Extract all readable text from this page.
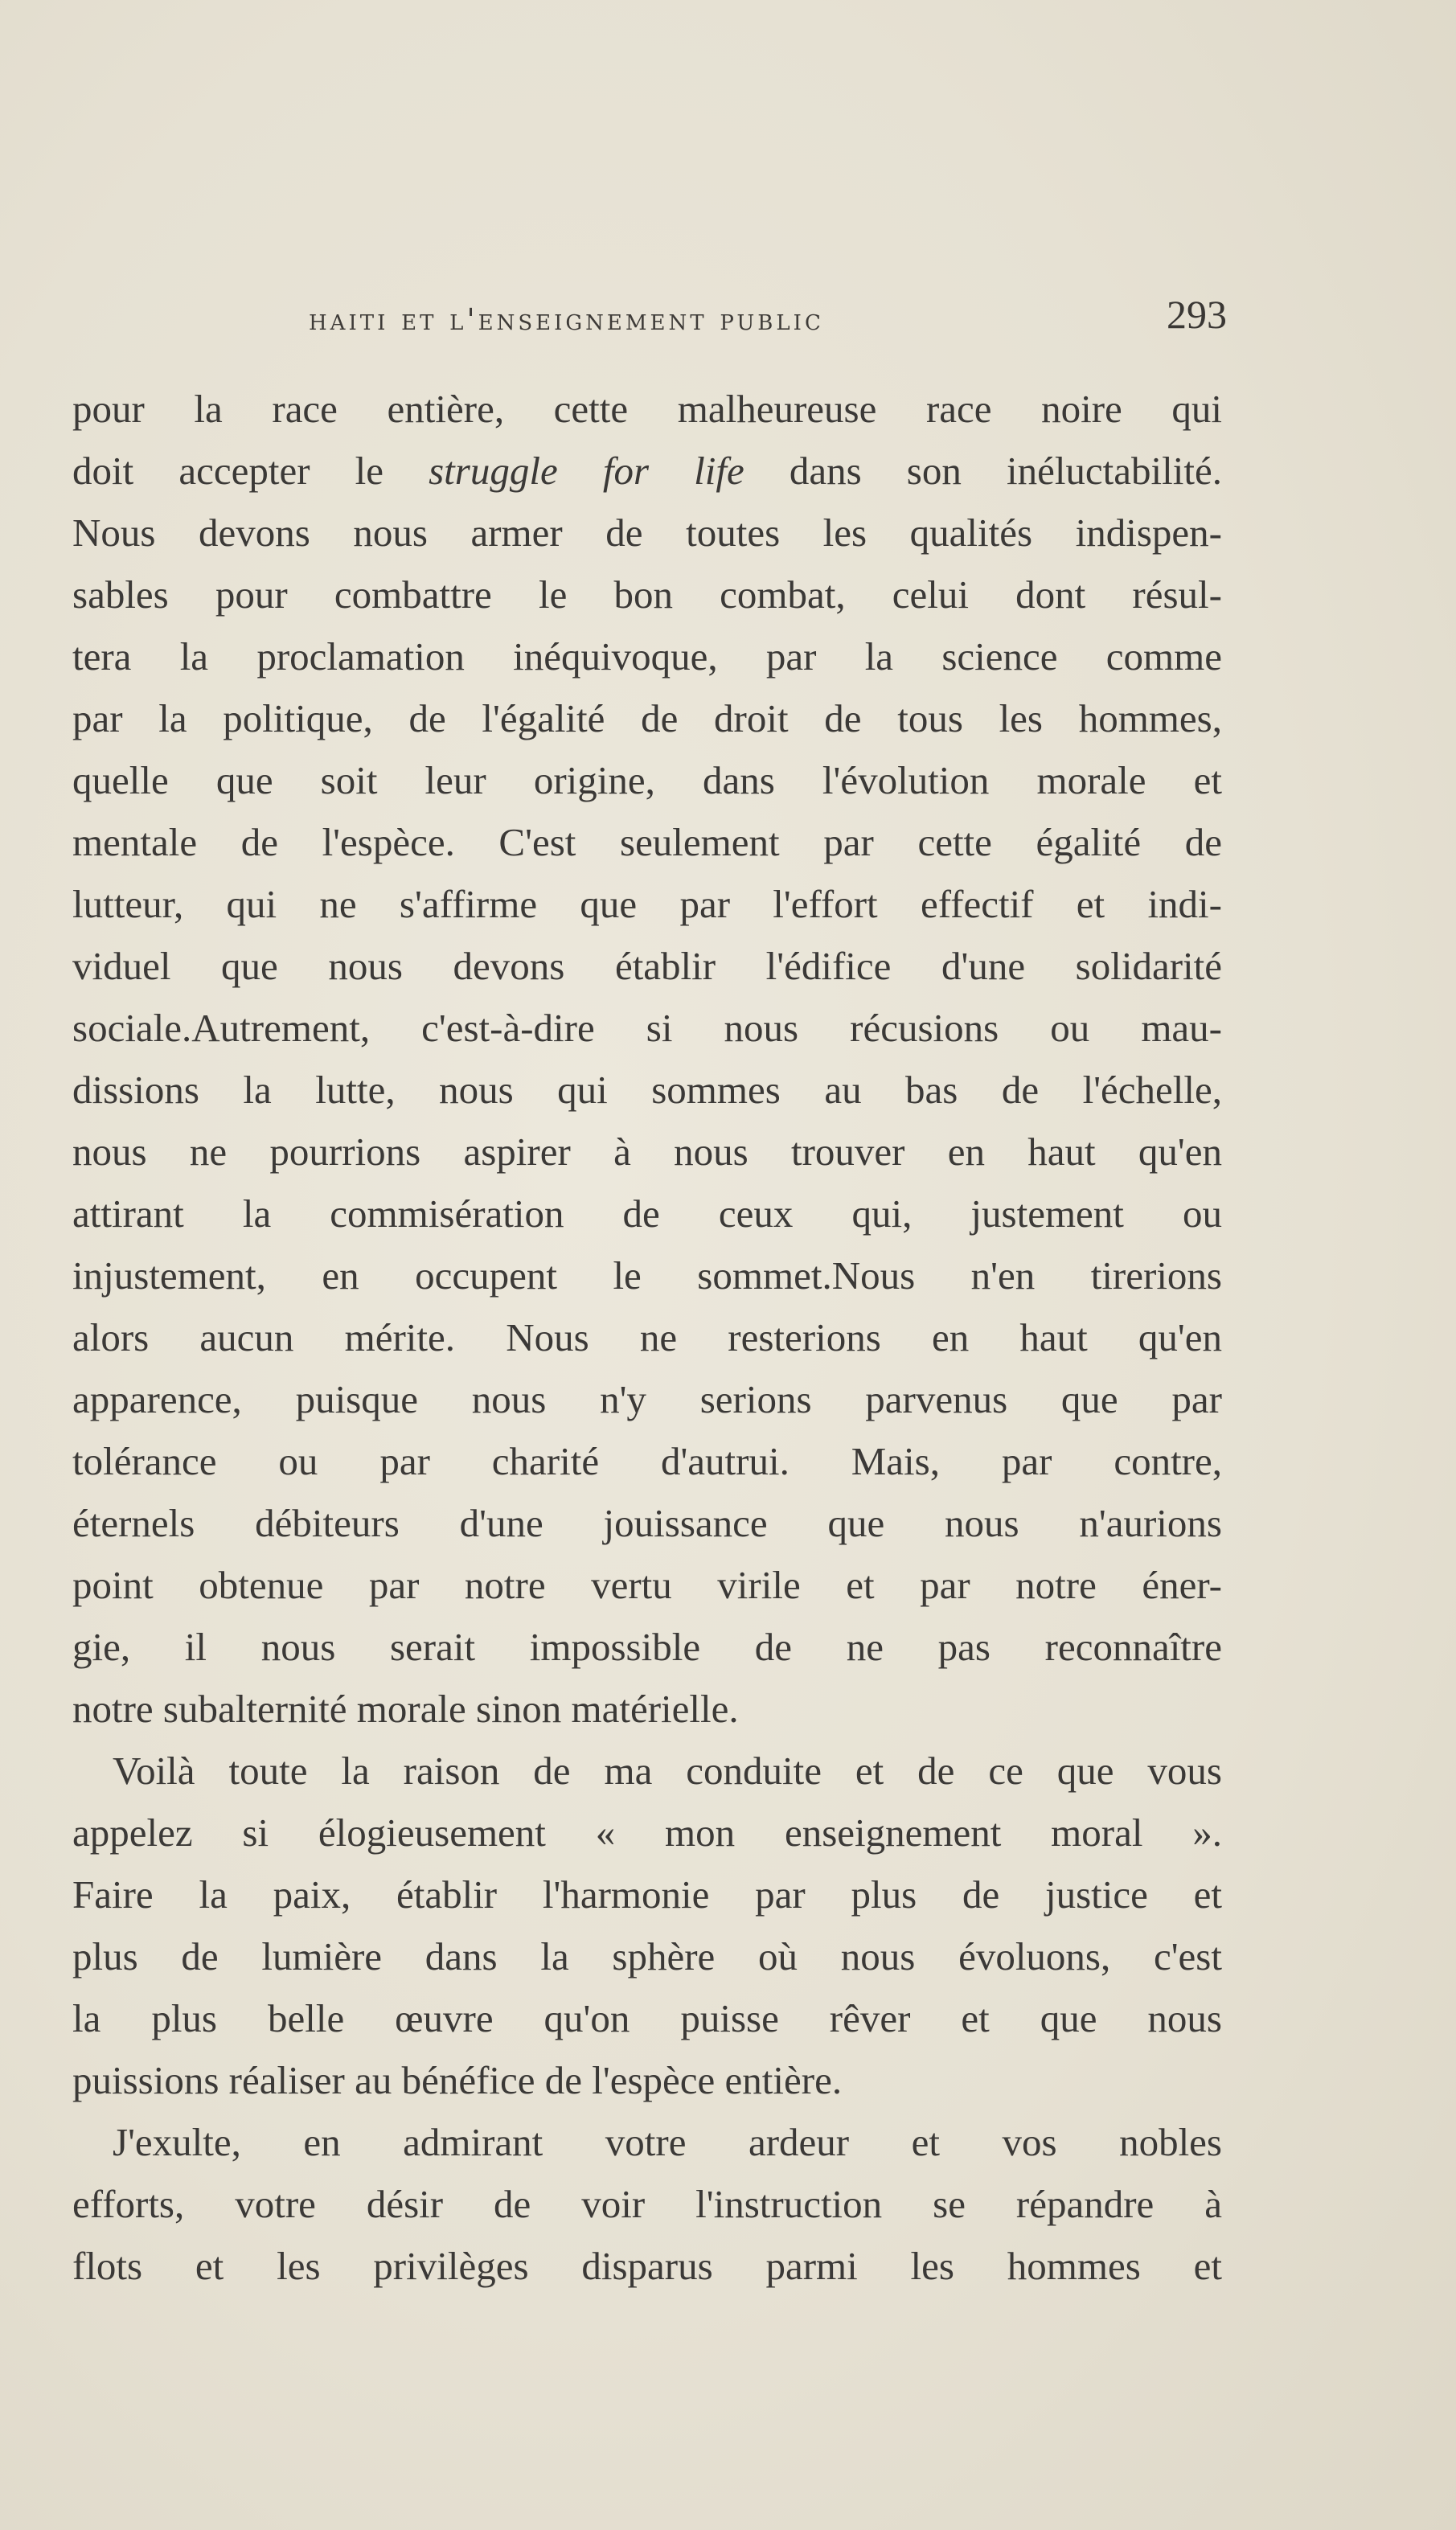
haiti et l'enseignement public	293
pour la race entière, cette malheureuse race noire qui
doit accepter le struggle for life dans son inéluctabilité.
Nous devons nous armer de toutes les qualités indispen-
sables pour combattre le bon combat, celui dont résul-
tera la proclamation inéquivoque, par la science comme
par la politique, de l'égalité de droit de tous les hommes,
quelle que soit leur origine, dans l'évolution morale et
mentale de l'espèce. C'est seulement par cette égalité de
lutteur, qui ne s'affirme que par l'effort effectif et indi-
viduel que nous devons établir l'édifice d'une solidarité
sociale.Autrement, c'est-à-dire si nous récusions ou mau-
dissions la lutte, nous qui sommes au bas de l'échelle,
nous ne pourrions aspirer à nous trouver en haut qu'en
attirant la commisération de ceux qui, justement ou
injustement, en occupent le sommet.Nous n'en tirerions
alors aucun mérite. Nous ne resterions en haut qu'en
apparence, puisque nous n'y serions parvenus que par
tolérance ou par charité d'autrui. Mais, par contre,
éternels débiteurs d'une jouissance que nous n'aurions
point obtenue par notre vertu virile et par notre éner-
gie, il nous serait impossible de ne pas reconnaître
notre subalternité morale sinon matérielle.
Voilà toute la raison de ma conduite et de ce que vous
appelez si élogieusement « mon enseignement moral ».
Faire la paix, établir l'harmonie par plus de justice et
plus de lumière dans la sphère où nous évoluons, c'est
la plus belle œuvre qu'on puisse rêver et que nous
puissions réaliser au bénéfice de l'espèce entière.
J'exulte, en admirant votre ardeur et vos nobles
efforts, votre désir de voir l'instruction se répandre à
flots et les privilèges disparus parmi les hommes et
